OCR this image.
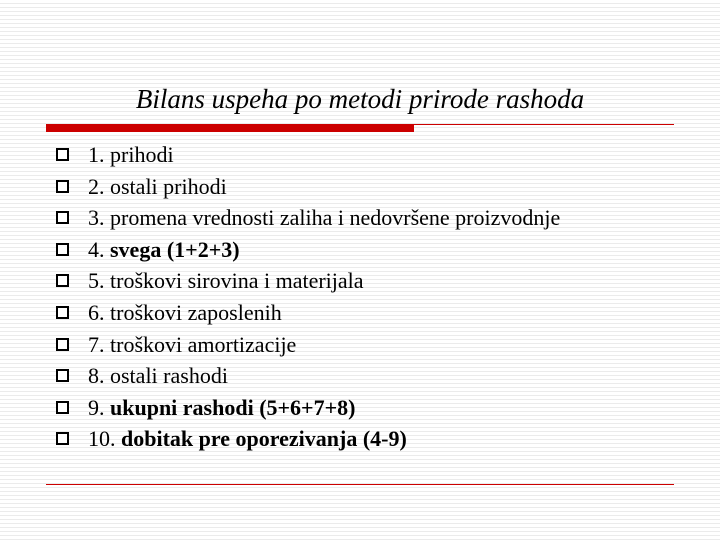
Bilans uspeha po metodi prirode rashoda
1. prihodi
2. ostali prihodi
3. promena vrednosti zaliha i nedovršene proizvodnje
4. svega (1+2+3)
5. troškovi sirovina i materijala
6. troškovi zaposlenih
7. troškovi amortizacije
8. ostali rashodi
9. ukupni rashodi (5+6+7+8)
10. dobitak pre oporezivanja (4-9)
